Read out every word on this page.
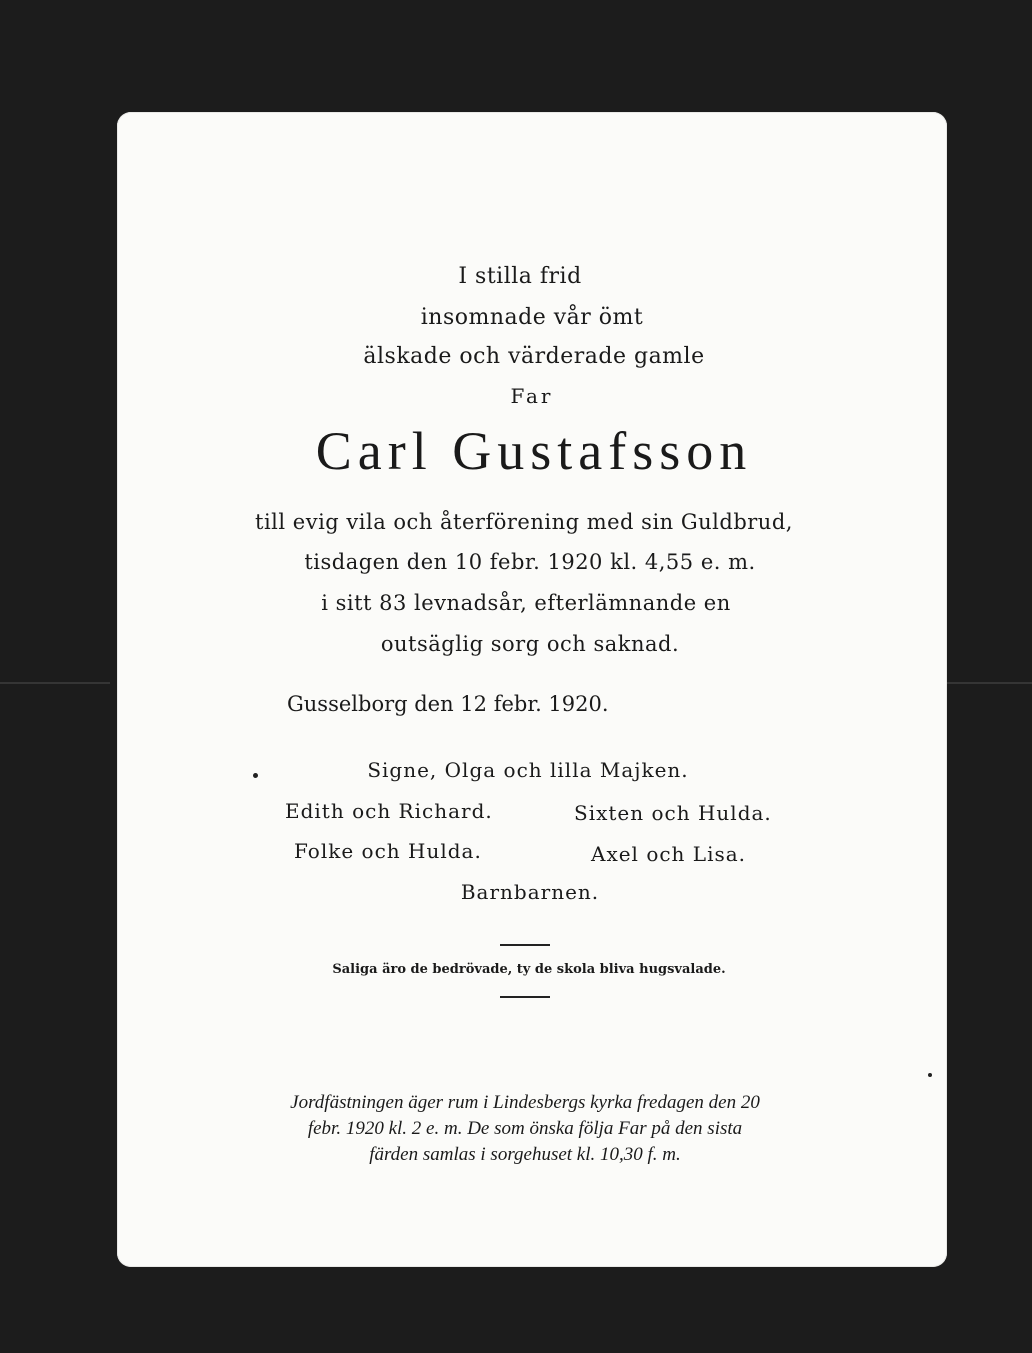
I stilla frid
insomnade vår ömt
älskade och värderade gamle
Far
Carl Gustafsson
till evig vila och återförening med sin Guldbrud,
tisdagen den 10 febr. 1920 kl. 4,55 e. m.
i sitt 83 levnadsår, efterlämnande en
outsäglig sorg och saknad.
Gusselborg den 12 febr. 1920.
Signe, Olga och lilla Majken.
Edith och Richard.	Sixten och Hulda.
Folke och Hulda.	Axel och Lisa.
Barnbarnen.
Saliga äro de bedrövade, ty de skola bliva hugsvalade.
Jordfästningen äger rum i Lindesbergs kyrka fredagen den 20
febr. 1920 kl. 2 e. m. De som önska följa Far på den sista
färden samlas i sorgehuset kl. 10,30 f. m.
